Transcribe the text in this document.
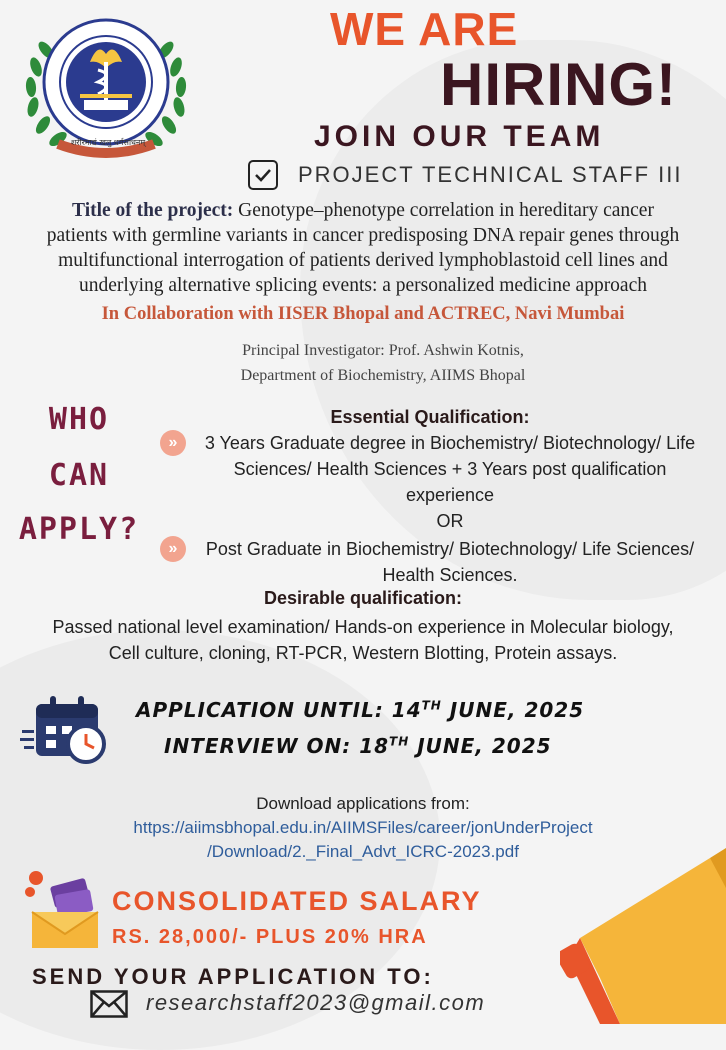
शरीरमाद्यं खलु धर्मसाधनम्
WE ARE
HIRING!
JOIN OUR TEAM
PROJECT TECHNICAL STAFF III
Title of the project: Genotype–phenotype correlation in hereditary cancer
patients with germline variants in cancer predisposing DNA repair genes through
multifunctional interrogation of patients derived lymphoblastoid cell lines and
underlying alternative splicing events: a personalized medicine approach
In Collaboration with IISER Bhopal and ACTREC, Navi Mumbai
Principal Investigator: Prof. Ashwin Kotnis,
Department of Biochemistry, AIIMS Bhopal
WHO
CAN
APPLY?
Essential Qualification:
»	3 Years Graduate degree in Biochemistry/ Biotechnology/ Life
Sciences/ Health Sciences + 3 Years post qualification
experience
OR
»	Post Graduate in Biochemistry/ Biotechnology/ Life Sciences/
Health Sciences.
Desirable qualification:
Passed national level examination/ Hands-on experience in Molecular biology,
Cell culture, cloning, RT-PCR, Western Blotting, Protein assays.
APPLICATION UNTIL: 14TH JUNE, 2025
INTERVIEW ON: 18TH JUNE, 2025
Download applications from:
https://aiimsbhopal.edu.in/AIIMSFiles/career/jonUnderProject
/Download/2._Final_Advt_ICRC-2023.pdf
CONSOLIDATED SALARY
RS. 28,000/- PLUS 20% HRA
SEND YOUR APPLICATION TO:
researchstaff2023@gmail.com
